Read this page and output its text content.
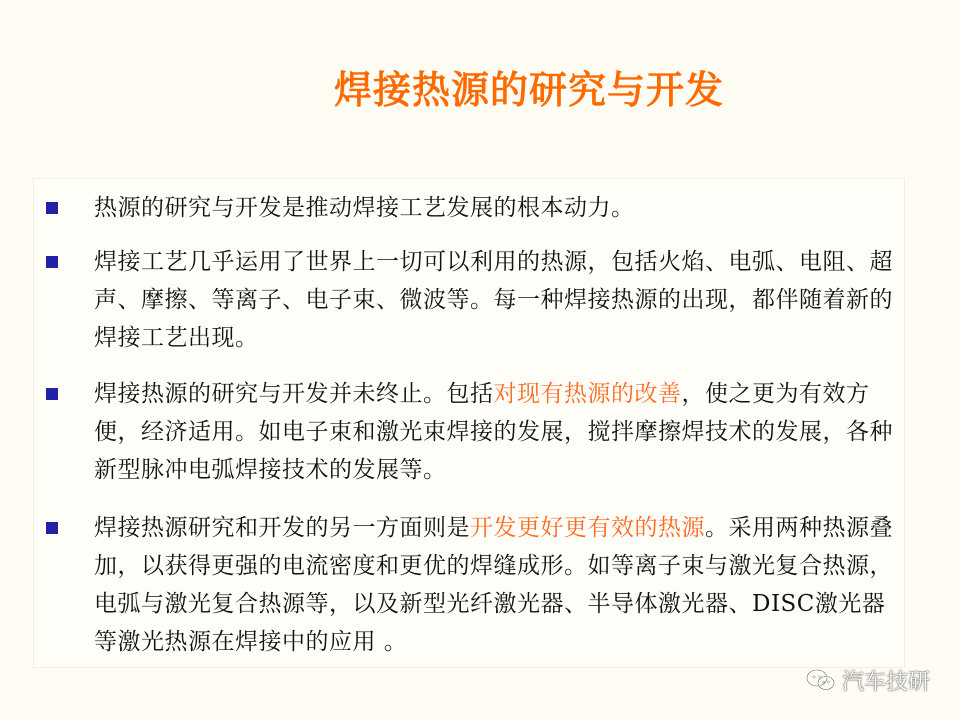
焊接热源的研究与开发
热源的研究与开发是推动焊接工艺发展的根本动力。
焊接工艺几乎运用了世界上一切可以利用的热源，包括火焰、电弧、电阻、超声、摩擦、等离子、电子束、微波等。每一种焊接热源的出现，都伴随着新的焊接工艺出现。
焊接热源的研究与开发并未终止。包括对现有热源的改善，使之更为有效方便，经济适用。如电子束和激光束焊接的发展，搅拌摩擦焊技术的发展，各种新型脉冲电弧焊接技术的发展等。
焊接热源研究和开发的另一方面则是开发更好更有效的热源。采用两种热源叠加，以获得更强的电流密度和更优的焊缝成形。如等离子束与激光复合热源，电弧与激光复合热源等，以及新型光纤激光器、半导体激光器、DISC激光器等激光热源在焊接中的应用 。
汽车技研
